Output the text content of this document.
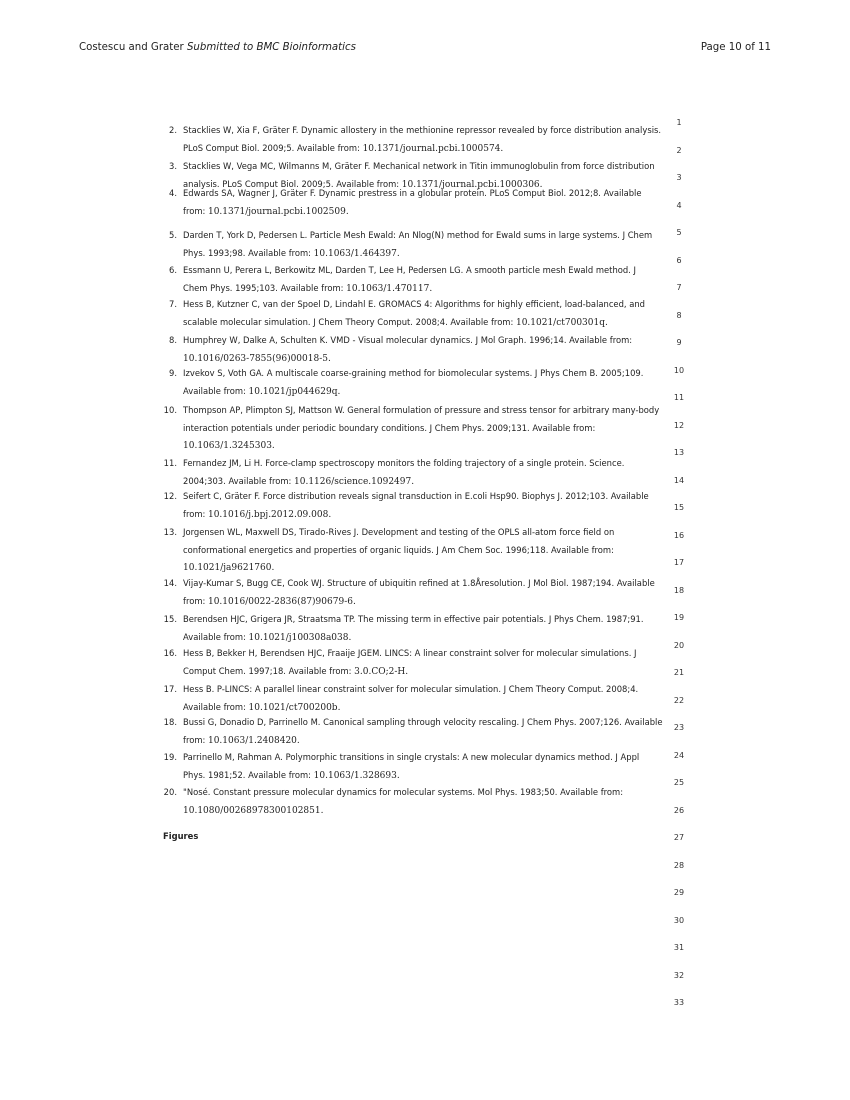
Costescu and Grater Submitted to BMC Bioinformatics	Page 10 of 11
2. Stacklies W, Xia F, Gräter F. Dynamic allostery in the methionine repressor revealed by force distribution analysis. PLoS Comput Biol. 2009;5. Available from: 10.1371/journal.pcbi.1000574.
3. Stacklies W, Vega MC, Wilmanns M, Gräter F. Mechanical network in Titin immunoglobulin from force distribution analysis. PLoS Comput Biol. 2009;5. Available from: 10.1371/journal.pcbi.1000306.
4. Edwards SA, Wagner J, Gräter F. Dynamic prestress in a globular protein. PLoS Comput Biol. 2012;8. Available from: 10.1371/journal.pcbi.1002509.
5. Darden T, York D, Pedersen L. Particle Mesh Ewald: An Nlog(N) method for Ewald sums in large systems. J Chem Phys. 1993;98. Available from: 10.1063/1.464397.
6. Essmann U, Perera L, Berkowitz ML, Darden T, Lee H, Pedersen LG. A smooth particle mesh Ewald method. J Chem Phys. 1995;103. Available from: 10.1063/1.470117.
7. Hess B, Kutzner C, van der Spoel D, Lindahl E. GROMACS 4: Algorithms for highly efficient, load-balanced, and scalable molecular simulation. J Chem Theory Comput. 2008;4. Available from: 10.1021/ct700301q.
8. Humphrey W, Dalke A, Schulten K. VMD - Visual molecular dynamics. J Mol Graph. 1996;14. Available from: 10.1016/0263-7855(96)00018-5.
9. Izvekov S, Voth GA. A multiscale coarse-graining method for biomolecular systems. J Phys Chem B. 2005;109. Available from: 10.1021/jp044629q.
10. Thompson AP, Plimpton SJ, Mattson W. General formulation of pressure and stress tensor for arbitrary many-body interaction potentials under periodic boundary conditions. J Chem Phys. 2009;131. Available from: 10.1063/1.3245303.
11. Fernandez JM, Li H. Force-clamp spectroscopy monitors the folding trajectory of a single protein. Science. 2004;303. Available from: 10.1126/science.1092497.
12. Seifert C, Gräter F. Force distribution reveals signal transduction in E.coli Hsp90. Biophys J. 2012;103. Available from: 10.1016/j.bpj.2012.09.008.
13. Jorgensen WL, Maxwell DS, Tirado-Rives J. Development and testing of the OPLS all-atom force field on conformational energetics and properties of organic liquids. J Am Chem Soc. 1996;118. Available from: 10.1021/ja9621760.
14. Vijay-Kumar S, Bugg CE, Cook WJ. Structure of ubiquitin refined at 1.8Åresolution. J Mol Biol. 1987;194. Available from: 10.1016/0022-2836(87)90679-6.
15. Berendsen HJC, Grigera JR, Straatsma TP. The missing term in effective pair potentials. J Phys Chem. 1987;91. Available from: 10.1021/j100308a038.
16. Hess B, Bekker H, Berendsen HJC, Fraaije JGEM. LINCS: A linear constraint solver for molecular simulations. J Comput Chem. 1997;18. Available from: 3.0.CO;2-H.
17. Hess B. P-LINCS: A parallel linear constraint solver for molecular simulation. J Chem Theory Comput. 2008;4. Available from: 10.1021/ct700200b.
18. Bussi G, Donadio D, Parrinello M. Canonical sampling through velocity rescaling. J Chem Phys. 2007;126. Available from: 10.1063/1.2408420.
19. Parrinello M, Rahman A. Polymorphic transitions in single crystals: A new molecular dynamics method. J Appl Phys. 1981;52. Available from: 10.1063/1.328693.
20. "Nosé. Constant pressure molecular dynamics for molecular systems. Mol Phys. 1983;50. Available from: 10.1080/00268978300102851.
Figures
1
2
3
4
5
6
7
8
9
10
11
12
13
14
15
16
17
18
19
20
21
22
23
24
25
26
27
28
29
30
31
32
33
